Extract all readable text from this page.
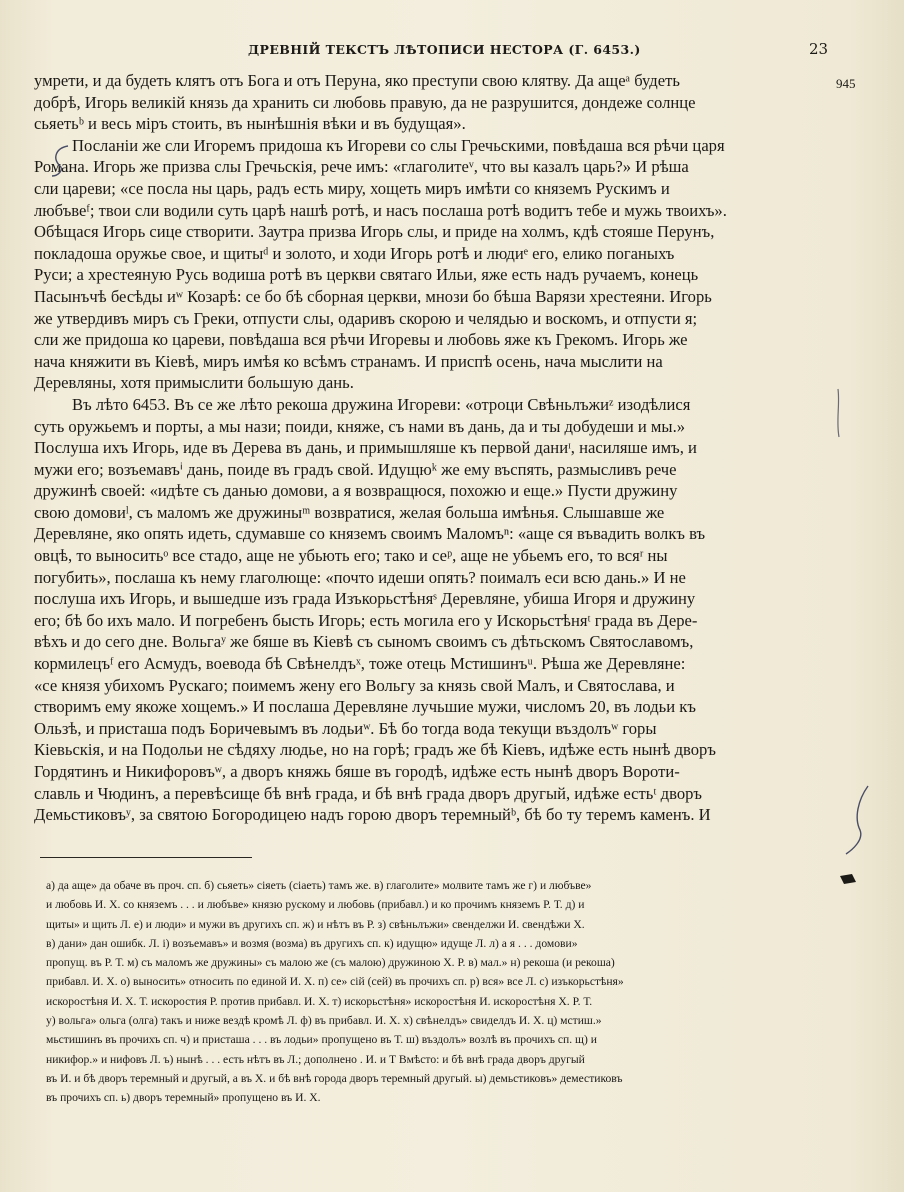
ДРЕВНІЙ ТЕКСТЪ ЛѢТОПИСИ НЕСТОРА (Г. 6453.)	23
945
умрети, и да будеть клятъ отъ Бога и отъ Перуна, яко преступи свою клятву. Да ащеᵃ будеть
добрѣ, Игорь великій князь да хранить си любовь правую, да не разрушится, дондеже солнце
сьяетьᵇ и весь міръ стоить, въ нынѣшнія вѣки и въ будущая».
Посланіи же сли Игоремъ придоша къ Игореви со слы Гречьскими, повѣдаша вся рѣчи царя
Романа. Игорь же призва слы Гречьскія, рече имъ: «глаголитеᵛ, что вы казалъ царь?» И рѣша
сли цареви; «се посла ны царь, радъ есть миру, хощеть миръ имѣти со княземъ Рускимъ и
любъвеᶠ; твои сли водили суть царѣ нашѣ ротѣ, и насъ послаша ротѣ водитъ тебе и мужь твоихъ».
Обѣщася Игорь сице створити. Заутра призва Игорь слы, и приде на холмъ, кдѣ стояше Перунъ,
покладоша оружье свое, и щитыᵈ и золото, и ходи Игорь ротѣ и людиᵉ его, елико поганыхъ
Руси; а хрестеяную Русь водиша ротѣ въ церкви святаго Ильи, яже есть надъ ручаемъ, конець
Пасынъчѣ бесѣды иʷ Козарѣ: се бо бѣ сборная церкви, мнози бо бѣша Варязи хрестеяни. Игорь
же утвердивъ миръ съ Греки, отпусти слы, одаривъ скорою и челядью и воскомъ, и отпусти я;
сли же придоша ко цареви, повѣдаша вся рѣчи Игоревы и любовь яже къ Грекомъ. Игорь же
нача княжити въ Кіевѣ, миръ имѣя ко всѣмъ странамъ. И приспѣ осень, нача мыслити на
Деревляны, хотя примыслити большую дань.
Въ лѣто 6453. Въ се же лѣто рекоша дружина Игореви: «отроци Свѣньлъжиᶻ изодѣлися
суть оружьемъ и порты, а мы нази; поиди, княже, съ нами въ дань, да и ты добудеши и мы.»
Послуша ихъ Игорь, иде въ Дерева въ дань, и примышляше къ первой даниᶦ, насиляше имъ, и
мужи его; возъемавъⁱ дань, поиде въ градъ свой. Идущюᵏ же ему въспять, размысливъ рече
дружинѣ своей: «идѣте съ данью домови, а я возвращюся, похожю и еще.» Пусти дружину
свою домовиˡ, съ маломъ же дружиныᵐ возвратися, желая больша имѣнья. Слышавше же
Деревляне, яко опять идеть, сдумавше со княземъ своимъ Маломъⁿ: «аще ся въвадить волкъ въ
овцѣ, то выноситьᵒ все стадо, аще не убьють его; тако и сеᵖ, аще не убьемъ его, то всяʳ ны
погубить», послаша къ нему глаголюще: «почто идеши опять? поималъ еси всю дань.» И не
послуша ихъ Игорь, и вышедше изъ града Изъкорьстѣняˢ Деревляне, убиша Игоря и дружину
его; бѣ бо ихъ мало. И погребенъ бысть Игорь; есть могила его у Искорьстѣняᵗ града въ Дере-
вѣхъ и до сего дне. Вольгаʸ же бяше въ Кіевѣ съ сыномъ своимъ съ дѣтьскомъ Святославомъ,
кормилецъᶠ его Асмудъ, воевода бѣ Свѣнелдъˣ, тоже отець Мстишинъᵘ. Рѣша же Деревляне:
«се князя убихомъ Рускаго; поимемъ жену его Вольгу за князь свой Малъ, и Святослава, и
створимъ ему якоже хощемъ.» И послаша Деревляне лучьшие мужи, числомъ 20, въ лодьи къ
Ользѣ, и присташа подъ Боричевымъ въ лодьиʷ. Бѣ бо тогда вода текущи въздолъʷ горы
Кіевьскія, и на Подольи не сѣдяху людье, но на горѣ; градъ же бѣ Кіевъ, идѣже есть нынѣ дворъ
Гордятинъ и Никифоровъʷ, а дворъ княжь бяше въ городѣ, идѣже есть нынѣ дворъ Вороти-
славль и Чюдинъ, а перевѣсище бѣ внѣ града, и бѣ внѣ града дворъ другый, идѣже естьᵗ дворъ
Демьстиковъʸ, за святою Богородицею надъ горою дворъ теремныйᵇ, бѣ бо ту теремъ каменъ. И
а) да аще» да обаче въ проч. сп. б) сьяеть» сіяеть (сіаеть) тамъ же. в) глаголите» молвите тамъ же г) и любъве»
и любовь И. Х. со княземъ . . . и любъве» князю рускому и любовь (прибавл.) и ко прочимъ княземъ Р. Т. д) и
щиты» и щить Л. е) и люди» и мужи въ другихъ сп. ж) и нѣтъ въ Р. з) свѣньлъжи» свенделжи И. свендѣжи Х.
в) дани» дан ошибк. Л. і) возъемавъ» и возмя (возма) въ другихъ сп. к) идущю» идуще Л. л) а я . . . домови»
пропущ. въ Р. Т. м) съ маломъ же дружины» съ малою же (съ малою) дружиною Х. Р. в) мал.» н) рекоша (и рекоша)
прибавл. И. Х. о) выносить» относить по единой И. Х. п) се» сій (сей) въ прочихъ сп. р) вся» все Л. с) изъкорьстѣня»
искоростѣня И. Х. Т. искоростия Р. против прибавл. И. Х. т) искорьстѣня» искоростѣня И. искоростѣня Х. Р. Т.
у) вольга» ольга (олга) такъ и ниже вездѣ кромѣ Л. ф) въ прибавл. И. Х. х) свѣнелдъ» свиделдъ И. Х. ц) мстиш.»
мьстишинъ въ прочихъ сп. ч) и присташа . . . въ лодьи» пропущено въ Т. ш) въздолъ» возлѣ въ прочихъ сп. щ) и
никифор.» и нифовъ Л. ъ) нынѣ . . . есть нѣтъ въ Л.; дополнено . И. и Т Вмѣсто: и бѣ внѣ града дворъ другый
въ И. и бѣ дворъ теремный и другый, а въ Х. и бѣ внѣ города дворъ теремный другый. ы) демьстиковъ» деместиковъ
въ прочихъ сп. ь) дворъ теремный» пропущено въ И. Х.
